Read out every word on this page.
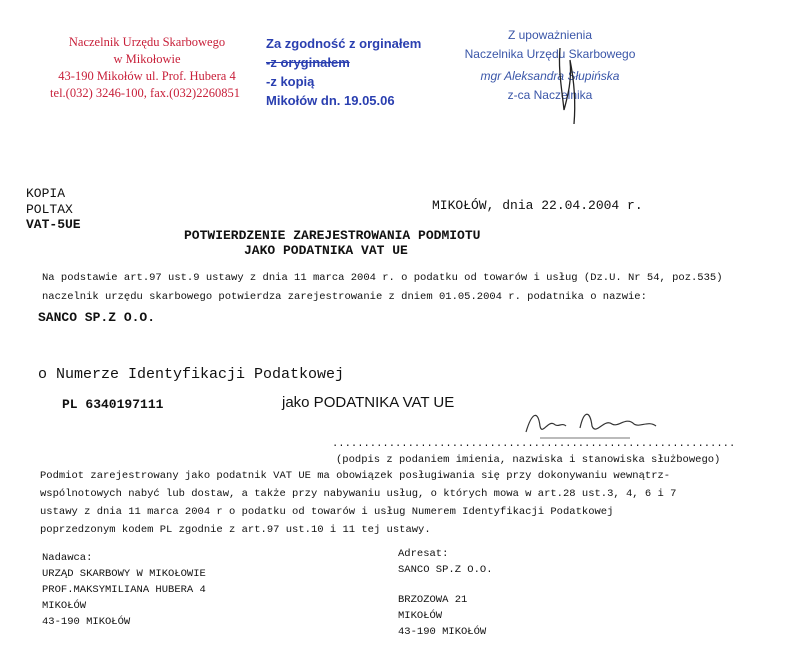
Naczelnik Urzędu Skarbowego
w Mikołowie
43-190 Mikołów ul. Prof. Hubera 4
tel.(032) 3246-100, fax.(032)2260851
Za zgodność z orginałem
-z oryginałem
-z kopią
Mikołów dn. 19.05.06
Z upoważnienia
Naczelnika Urzędu Skarbowego
mgr Aleksandra Słupińska
z-ca Naczelnika
KOPIA
POLTAX
VAT-5UE
MIKOŁÓW, dnia 22.04.2004 r.
POTWIERDZENIE ZAREJESTROWANIA PODMIOTU
JAKO PODATNIKA VAT UE
Na podstawie art.97 ust.9 ustawy z dnia 11 marca 2004 r. o podatku od towarów i usług (Dz.U. Nr 54, poz.535)
naczelnik urzędu skarbowego potwierdza zarejestrowanie z dniem 01.05.2004 r. podatnika o nazwie:
SANCO SP.Z O.O.
o Numerze Identyfikacji Podatkowej
PL 6340197111	jako PODATNIKA VAT UE
................................................................
(podpis z podaniem imienia, nazwiska i stanowiska służbowego)
Podmiot zarejestrowany jako podatnik VAT UE ma obowiązek posługiwania się przy dokonywaniu wewnątrz-
wspólnotowych nabyć lub dostaw, a także przy nabywaniu usług, o których mowa w art.28 ust.3, 4, 6 i 7
ustawy z dnia 11 marca 2004 r o podatku od towarów i usług Numerem Identyfikacji Podatkowej
poprzedzonym kodem PL zgodnie z art.97 ust.10 i 11 tej ustawy.
Nadawca:
URZĄD SKARBOWY W MIKOŁOWIE
PROF.MAKSYMILIANA HUBERA 4
MIKOŁÓW
43-190 MIKOŁÓW
Adresat:
SANCO SP.Z O.O.
BRZOZOWA 21
MIKOŁÓW
43-190 MIKOŁÓW
